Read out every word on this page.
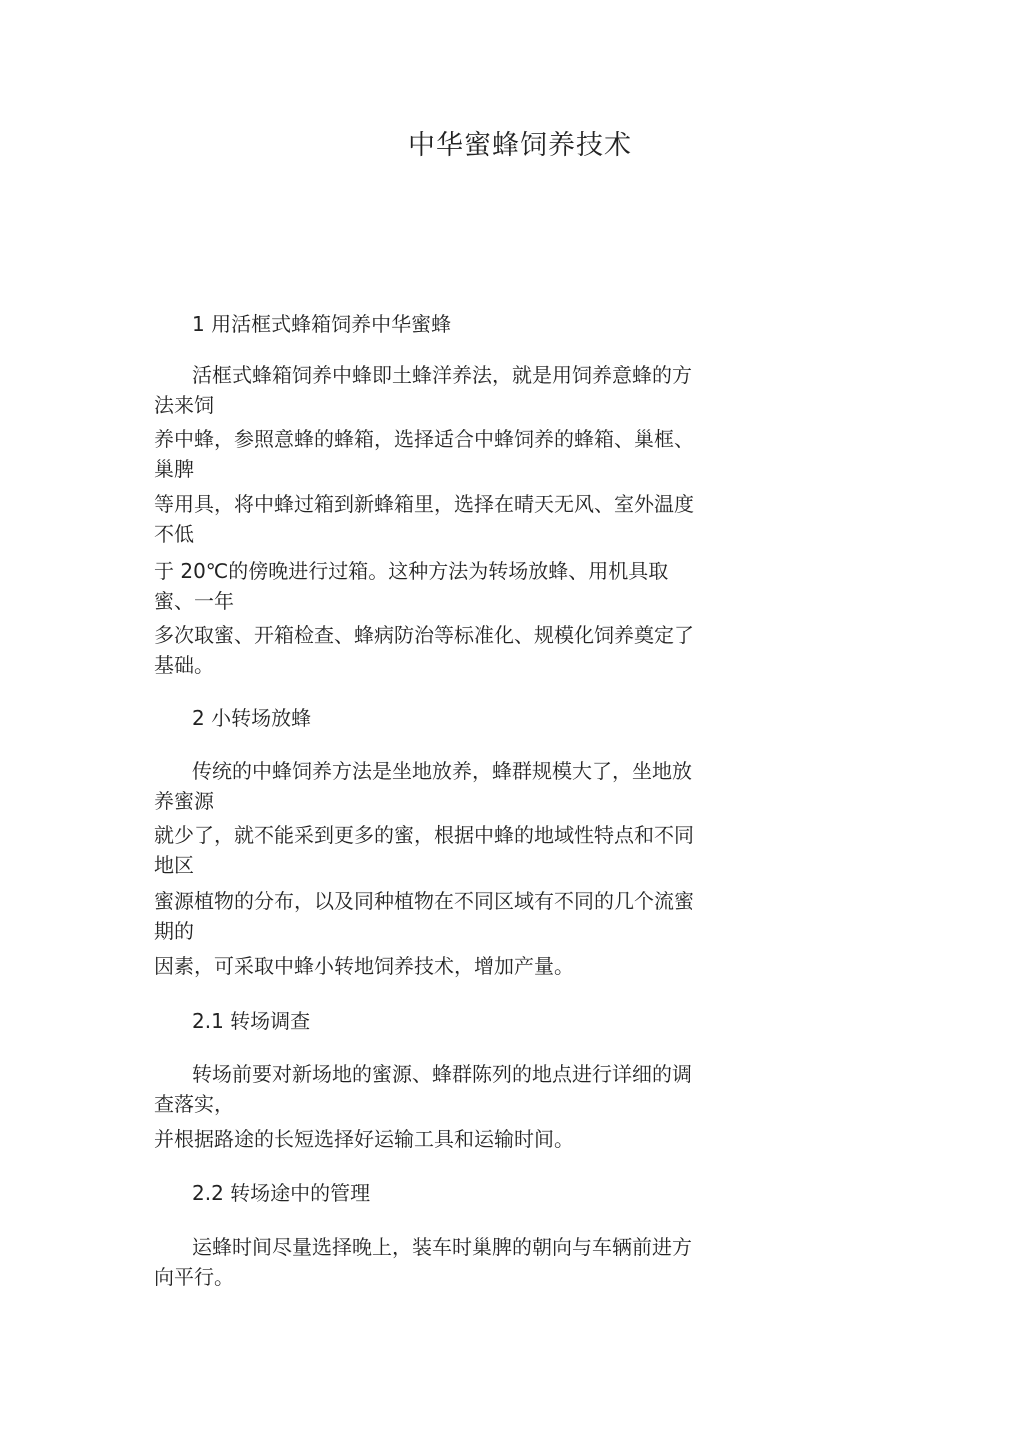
中华蜜蜂饲养技术
1 用活框式蜂箱饲养中华蜜蜂
活框式蜂箱饲养中蜂即土蜂洋养法，就是用饲养意蜂的方
法来饲
养中蜂，参照意蜂的蜂箱，选择适合中蜂饲养的蜂箱、巢框、
巢脾
等用具，将中蜂过箱到新蜂箱里，选择在晴天无风、室外温度
不低
于 20℃的傍晚进行过箱。这种方法为转场放蜂、用机具取
蜜、一年
多次取蜜、开箱检查、蜂病防治等标准化、规模化饲养奠定了
基础。
2 小转场放蜂
传统的中蜂饲养方法是坐地放养，蜂群规模大了，坐地放
养蜜源
就少了，就不能采到更多的蜜，根据中蜂的地域性特点和不同
地区
蜜源植物的分布，以及同种植物在不同区域有不同的几个流蜜
期的
因素，可采取中蜂小转地饲养技术，增加产量。
2.1 转场调查
转场前要对新场地的蜜源、蜂群陈列的地点进行详细的调
查落实，
并根据路途的长短选择好运输工具和运输时间。
2.2 转场途中的管理
运蜂时间尽量选择晚上，装车时巢脾的朝向与车辆前进方
向平行。
